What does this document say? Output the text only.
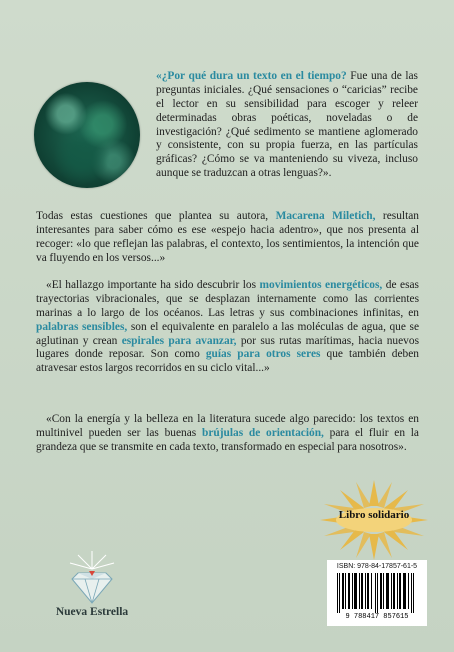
«¿Por qué dura un texto en el tiempo? Fue una de las preguntas iniciales. ¿Qué sensaciones o “caricias” recibe el lector en su sensibilidad para escoger y releer determinadas obras poéticas, noveladas o de investigación? ¿Qué sedimento se mantiene aglomerado y consistente, con su propia fuerza, en las partículas gráficas? ¿Cómo se va manteniendo su viveza, incluso aunque se traduzcan a otras lenguas?».

Todas estas cuestiones que plantea su autora, Macarena Miletich, resultan interesantes para saber cómo es ese «espejo hacia adentro», que nos presenta al recoger: «lo que reflejan las palabras, el contexto, los sentimientos, la intención que va fluyendo en los versos...»

«El hallazgo importante ha sido descubrir los movimientos energéticos, de esas trayectorias vibracionales, que se desplazan internamente como las corrientes marinas a lo largo de los océanos. Las letras y sus combinaciones infinitas, en palabras sensibles, son el equivalente en paralelo a las moléculas de agua, que se aglutinan y crean espirales para avanzar, por sus rutas marítimas, hacia nuevos lugares donde reposar. Son como guías para otros seres que también deben atravesar estos largos recorridos en su ciclo vital...»

«Con la energía y la belleza en la literatura sucede algo parecido: los textos en multinivel pueden ser las buenas brújulas de orientación, para el fluir en la grandeza que se transmite en cada texto, transformado en especial para nosotros».

Libro solidario
ISBN: 978-84-17857-61-5
9 788417 857615
Nueva Estrella
